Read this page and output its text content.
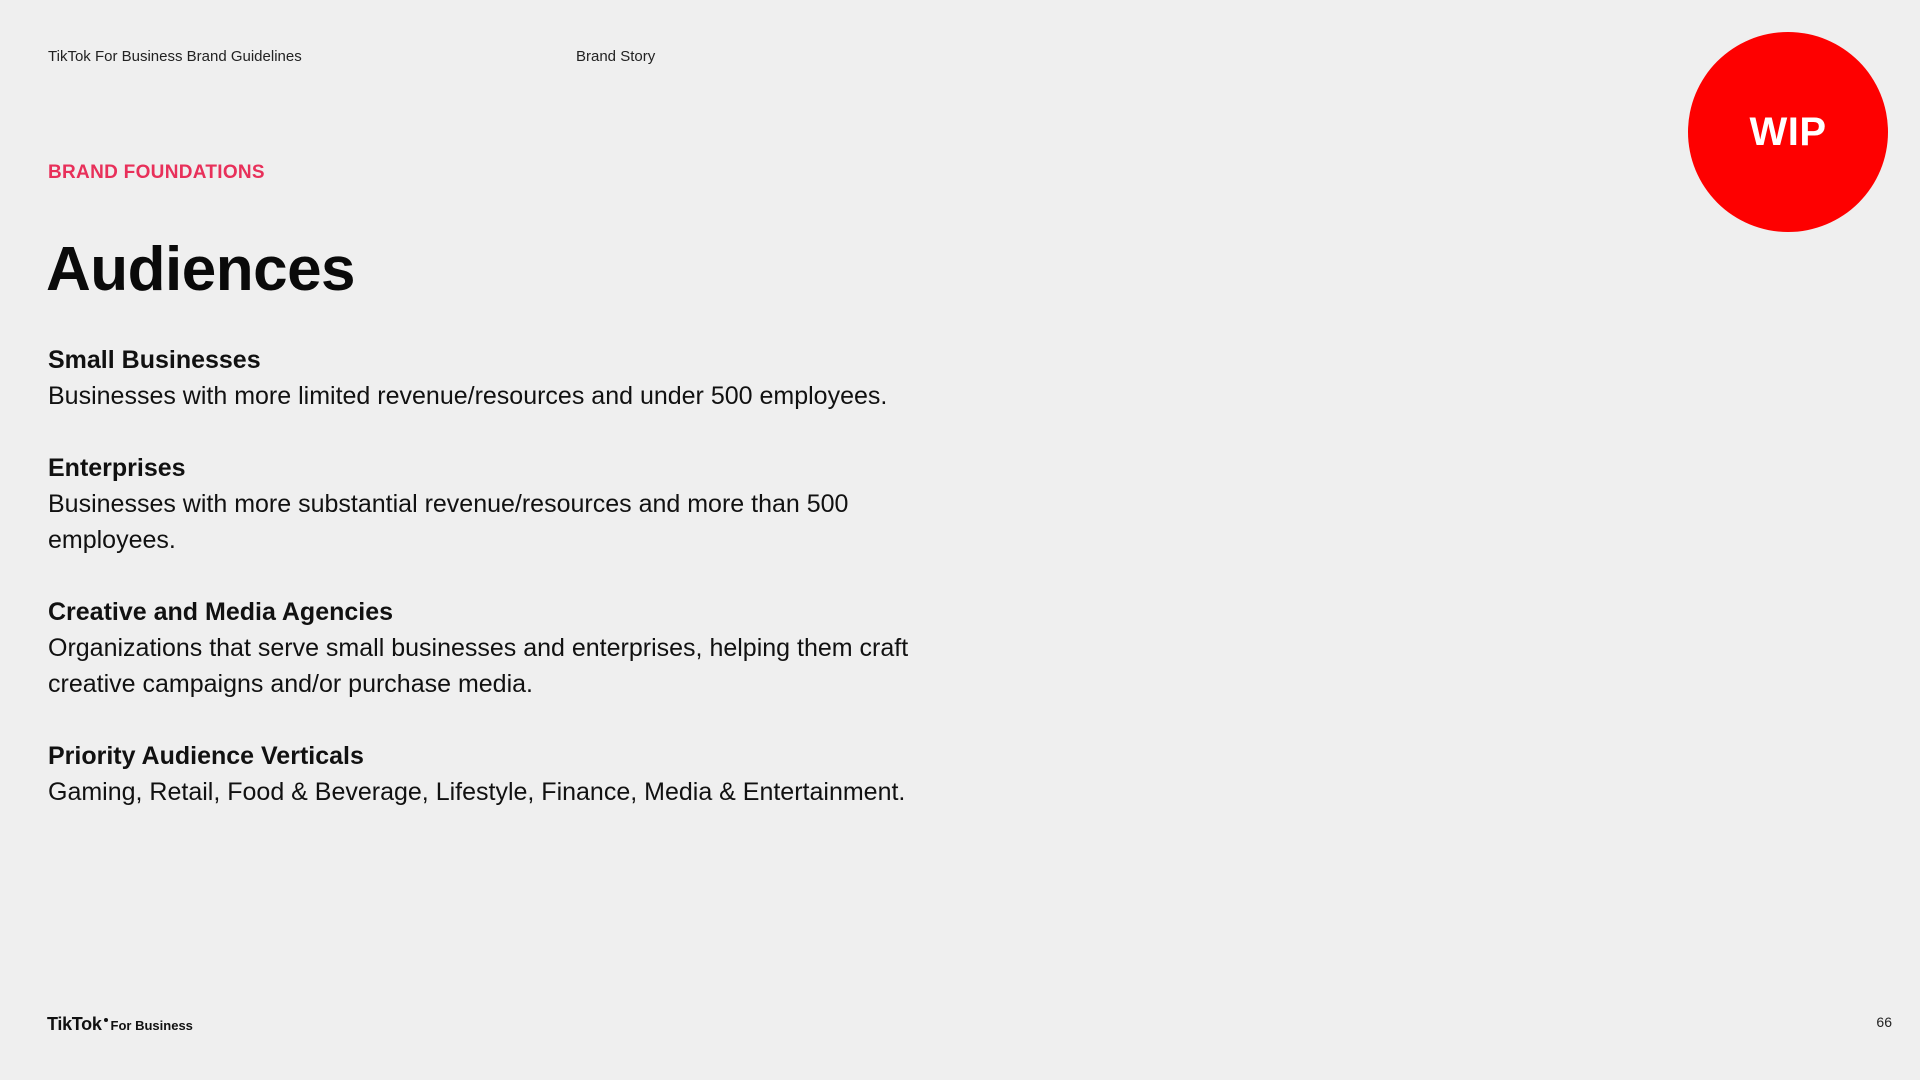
TikTok For Business Brand Guidelines	Brand Story
WIP
BRAND FOUNDATIONS
Audiences
Small Businesses
Businesses with more limited revenue/resources and under 500 employees.
Enterprises
Businesses with more substantial revenue/resources and more than 500 employees.
Creative and Media Agencies
Organizations that serve small businesses and enterprises, helping them craft creative campaigns and/or purchase media.
Priority Audience Verticals
Gaming, Retail, Food & Beverage, Lifestyle, Finance, Media & Entertainment.
TikTok For Business	66
